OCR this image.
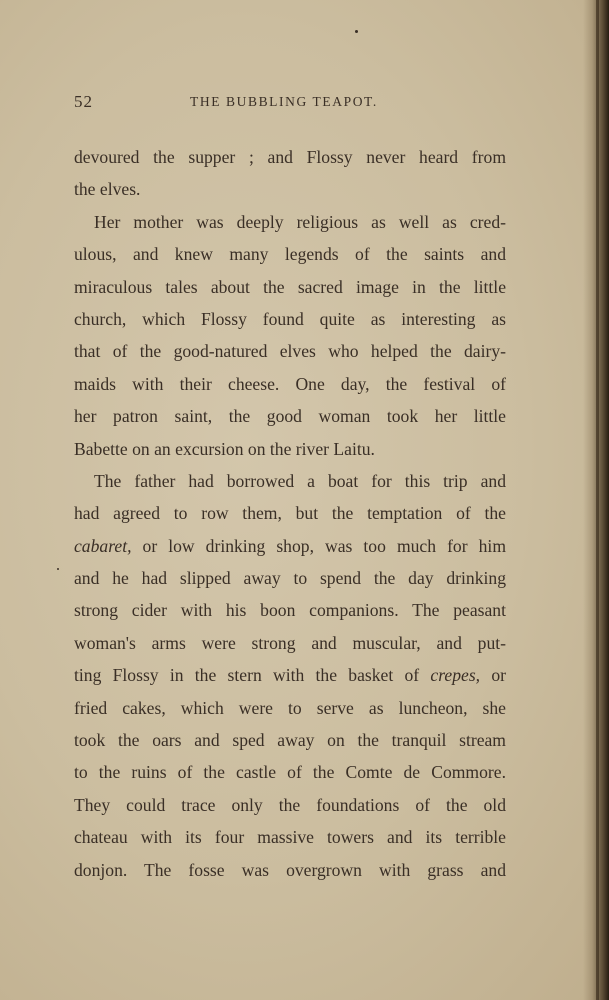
52	THE BUBBLING TEAPOT.
devoured the supper ; and Flossy never heard from
the elves.
Her mother was deeply religious as well as cred-
ulous, and knew many legends of the saints and
miraculous tales about the sacred image in the little
church, which Flossy found quite as interesting as
that of the good-natured elves who helped the dairy-
maids with their cheese. One day, the festival of
her patron saint, the good woman took her little
Babette on an excursion on the river Laitu.
The father had borrowed a boat for this trip and
had agreed to row them, but the temptation of the
cabaret, or low drinking shop, was too much for him
and he had slipped away to spend the day drinking
strong cider with his boon companions. The peasant
woman's arms were strong and muscular, and put-
ting Flossy in the stern with the basket of crepes, or
fried cakes, which were to serve as luncheon, she
took the oars and sped away on the tranquil stream
to the ruins of the castle of the Comte de Commore.
They could trace only the foundations of the old
chateau with its four massive towers and its terrible
donjon. The fosse was overgrown with grass and
